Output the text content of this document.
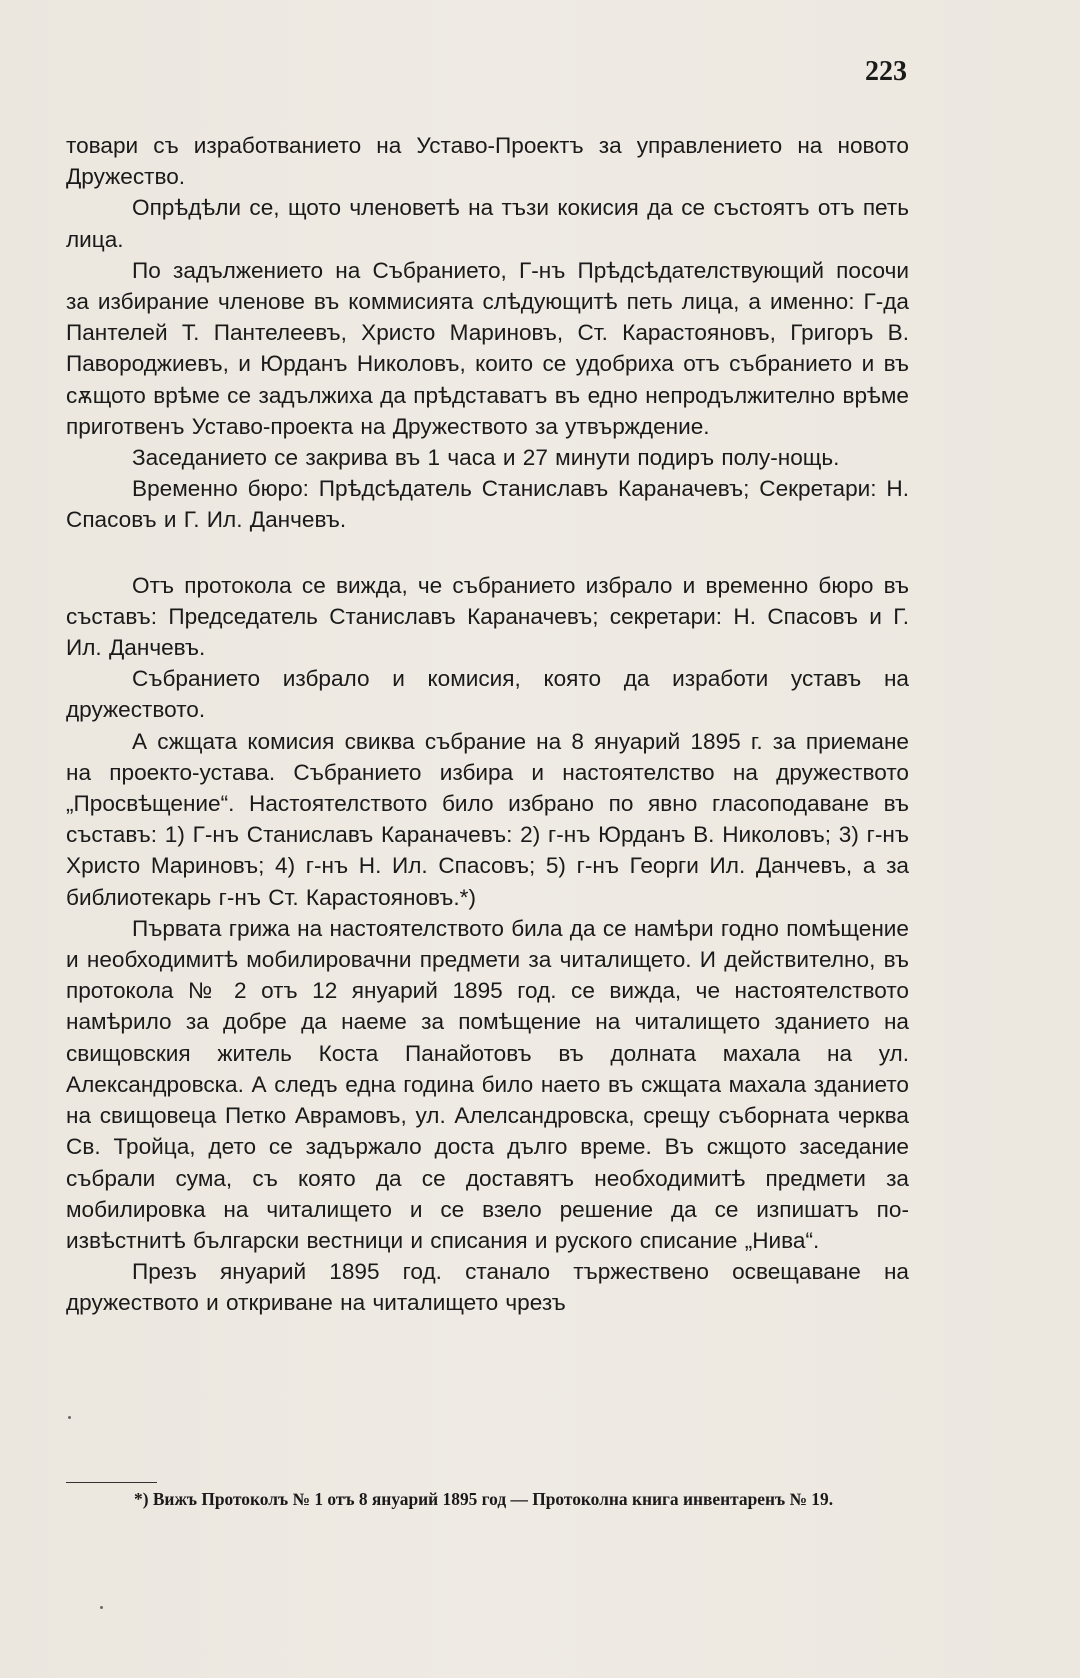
223

товари съ изработванието на Уставо-Проектъ за управлението на новото Дружество.

Опрѣдѣли се, щото членоветѣ на тъзи кокисия да се състоятъ отъ петь лица.

По задължението на Събранието, Г-нъ Прѣдсѣдателствующий посочи за избирание членове въ коммисията слѣдующитѣ петь лица, а именно: Г-да Пантелей Т. Пантелеевъ, Христо Мариновъ, Ст. Карастояновъ, Григоръ В. Павороджиевъ, и Юрданъ Николовъ, които се удобриха отъ събранието и въ сѫщото врѣме се задължиха да прѣдставатъ въ едно непродължително врѣме приготвенъ Уставо-проекта на Дружеството за утвърждение.

Заседанието се закрива въ 1 часа и 27 минути подиръ полу-нощь.

Временно бюро: Прѣдсѣдатель Станиславъ Караначевъ; Секретари: Н. Спасовъ и Г. Ил. Данчевъ.

Отъ протокола се вижда, че събранието избрало и временно бюро въ съставъ: Председатель Станиславъ Караначевъ; секретари: Н. Спасовъ и Г. Ил. Данчевъ.

Събранието избрало и комисия, която да изработи уставъ на дружеството.

А сжщата комисия свиква събрание на 8 януарий 1895 г. за приемане на проекто-устава. Събранието избира и настоятелство на дружеството „Просвѣщение“. Настоятелството било избрано по явно гласоподаване въ съставъ: 1) Г-нъ Станиславъ Караначевъ: 2) г-нъ Юрданъ В. Николовъ; 3) г-нъ Христо Мариновъ; 4) г-нъ Н. Ил. Спасовъ; 5) г-нъ Георги Ил. Данчевъ, а за библиотекарь г-нъ Ст. Карастояновъ.*)

Първата грижа на настоятелството била да се намѣри годно помѣщение и необходимитѣ мобилировачни предмети за читалището. И действително, въ протокола № 2 отъ 12 януарий 1895 год. се вижда, че настоятелството намѣрило за добре да наеме за помѣщение на читалището зданието на свищовския житель Коста Панайотовъ въ долната махала на ул. Александровска. А следъ една година било наето въ сжщата махала зданието на свищовеца Петко Аврамовъ, ул. Алелсандровска, срещу съборната черква Св. Тройца, дето се задържало доста дълго време. Въ сжщото заседание събрали сума, съ която да се доставятъ необходимитѣ предмети за мобилировка на читалището и се взело решение да се изпишатъ по-извѣстнитѣ български вестници и списания и руского списание „Нива“.

Презъ януарий 1895 год. станало тържествено освещаване на дружеството и откриване на читалището чрезъ

*) Вижъ Протоколъ № 1 отъ 8 януарий 1895 год — Протоколна книга инвентаренъ № 19.
